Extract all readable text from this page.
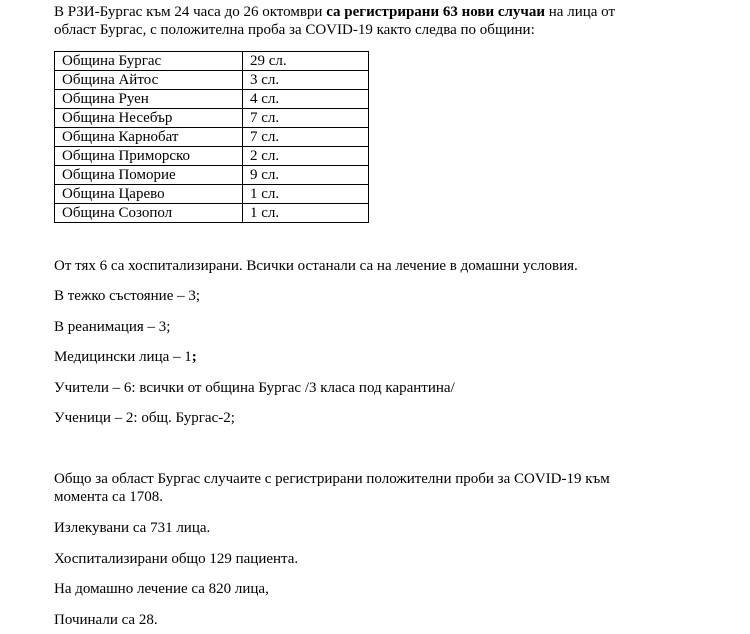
В РЗИ-Бургас към 24 часа до 26 октомври са регистрирани 63 нови случаи на лица от
област Бургас, с положителна проба за COVID-19 както следва по общини:
Община Бургас	29 сл.
Община Айтос	3 сл.
Община Руен	4 сл.
Община Несебър	7 сл.
Община Карнобат	7 сл.
Община Приморско	2 сл.
Община Поморие	9 сл.
Община Царево	1 сл.
Община Созопол	1 сл.
От тях 6 са хоспитализирани. Всички останали са на лечение в домашни условия.
В тежко състояние – 3;
В реанимация – 3;
Медицински лица – 1;
Учители – 6: всички от община Бургас /3 класа под карантина/
Ученици – 2: общ. Бургас-2;
Общо за област Бургас случаите с регистрирани положителни проби за COVID-19 към
момента са 1708.
Излекувани са 731 лица.
Хоспитализирани общо 129 пациента.
На домашно лечение са 820 лица,
Починали са 28.
